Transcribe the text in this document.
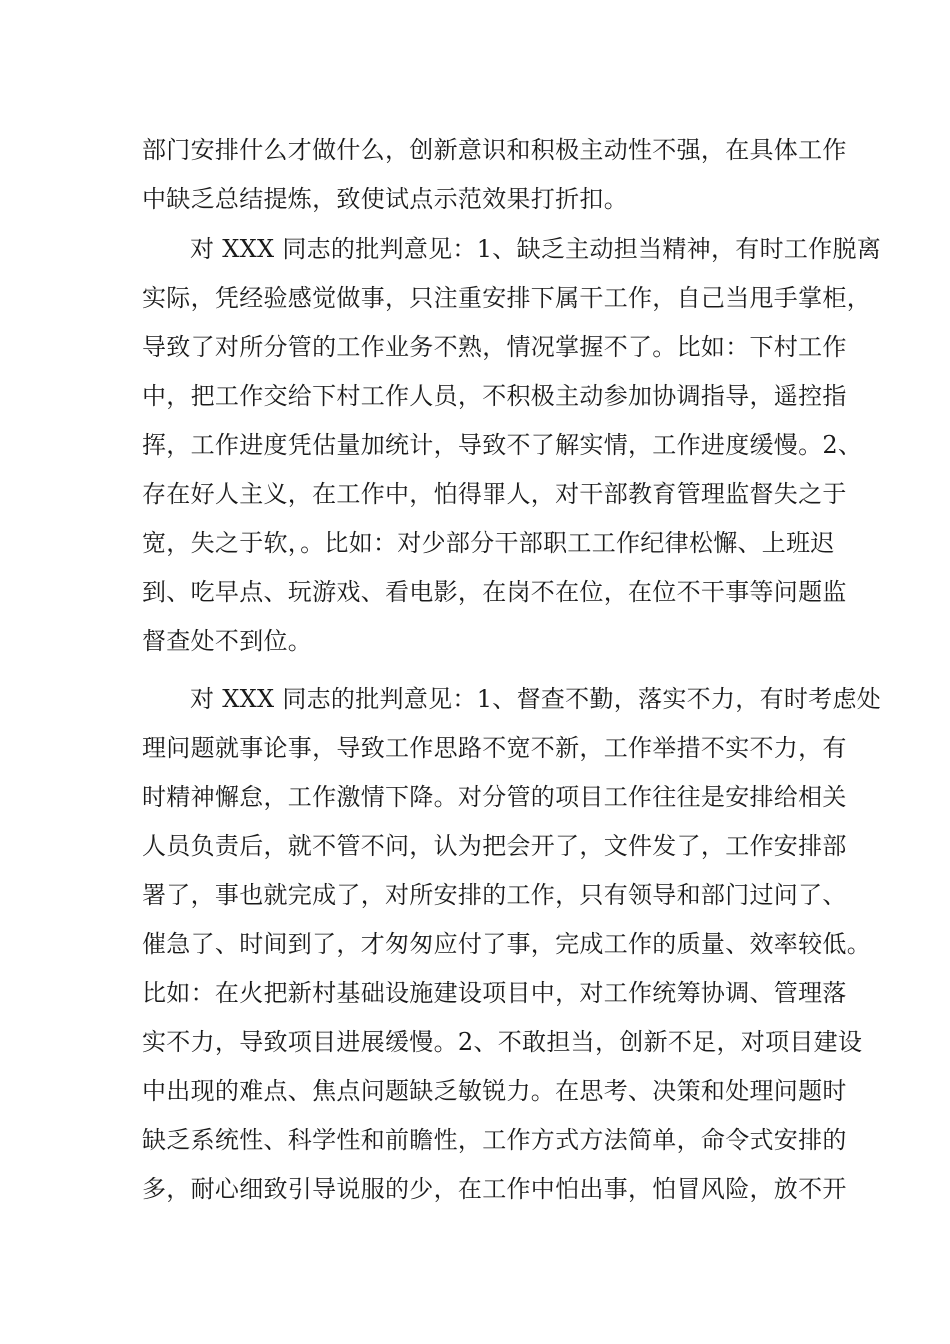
部门安排什么才做什么，创新意识和积极主动性不强，在具体工作
中缺乏总结提炼，致使试点示范效果打折扣。
对 XXX 同志的批判意见：1、缺乏主动担当精神，有时工作脱离
实际，凭经验感觉做事，只注重安排下属干工作，自己当甩手掌柜，
导致了对所分管的工作业务不熟，情况掌握不了。比如：下村工作
中，把工作交给下村工作人员，不积极主动参加协调指导，遥控指
挥，工作进度凭估量加统计，导致不了解实情，工作进度缓慢。2、
存在好人主义，在工作中，怕得罪人，对干部教育管理监督失之于
宽，失之于软，。比如：对少部分干部职工工作纪律松懈、上班迟
到、吃早点、玩游戏、看电影，在岗不在位，在位不干事等问题监
督查处不到位。
对 XXX 同志的批判意见：1、督查不勤，落实不力，有时考虑处
理问题就事论事，导致工作思路不宽不新，工作举措不实不力，有
时精神懈怠，工作激情下降。对分管的项目工作往往是安排给相关
人员负责后，就不管不问，认为把会开了，文件发了，工作安排部
署了，事也就完成了，对所安排的工作，只有领导和部门过问了、
催急了、时间到了，才匆匆应付了事，完成工作的质量、效率较低。
比如：在火把新村基础设施建设项目中，对工作统筹协调、管理落
实不力，导致项目进展缓慢。2、不敢担当，创新不足，对项目建设
中出现的难点、焦点问题缺乏敏锐力。在思考、决策和处理问题时
缺乏系统性、科学性和前瞻性，工作方式方法简单，命令式安排的
多，耐心细致引导说服的少，在工作中怕出事，怕冒风险，放不开
